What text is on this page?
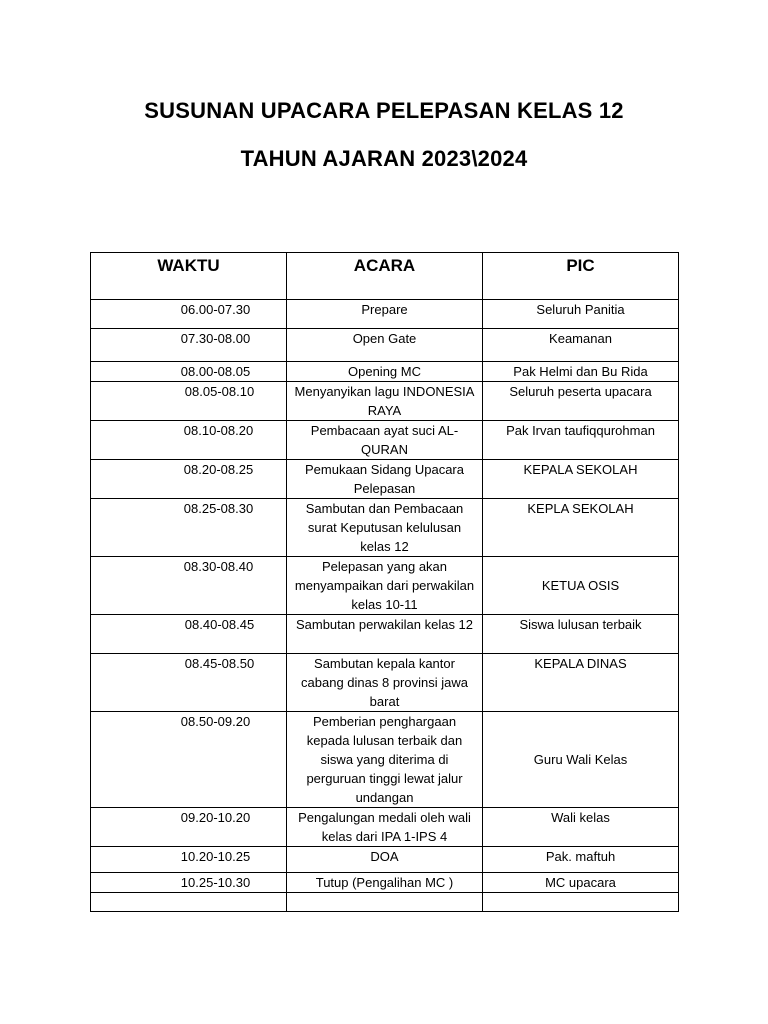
SUSUNAN UPACARA PELEPASAN KELAS 12
TAHUN AJARAN 2023\2024
WAKTU	ACARA	PIC
06.00-07.30	Prepare	Seluruh Panitia
07.30-08.00	Open Gate	Keamanan
08.00-08.05	Opening MC	Pak Helmi dan Bu Rida
08.05-08.10	Menyanyikan lagu INDONESIA RAYA	Seluruh peserta upacara
08.10-08.20	Pembacaan ayat suci AL-QURAN	Pak Irvan taufiqqurohman
08.20-08.25	Pemukaan Sidang Upacara Pelepasan	KEPALA SEKOLAH
08.25-08.30	Sambutan dan Pembacaan surat Keputusan kelulusan kelas 12	KEPLA SEKOLAH
08.30-08.40	Pelepasan yang akan menyampaikan dari perwakilan kelas 10-11	KETUA OSIS
08.40-08.45	Sambutan perwakilan kelas 12	Siswa lulusan terbaik
08.45-08.50	Sambutan kepala kantor cabang dinas 8 provinsi jawa barat	KEPALA DINAS
08.50-09.20	Pemberian penghargaan kepada lulusan terbaik dan siswa yang diterima di perguruan tinggi lewat jalur undangan	Guru Wali Kelas
09.20-10.20	Pengalungan medali oleh wali kelas dari IPA 1-IPS 4	Wali kelas
10.20-10.25	DOA	Pak. maftuh
10.25-10.30	Tutup (Pengalihan MC )	MC upacara
